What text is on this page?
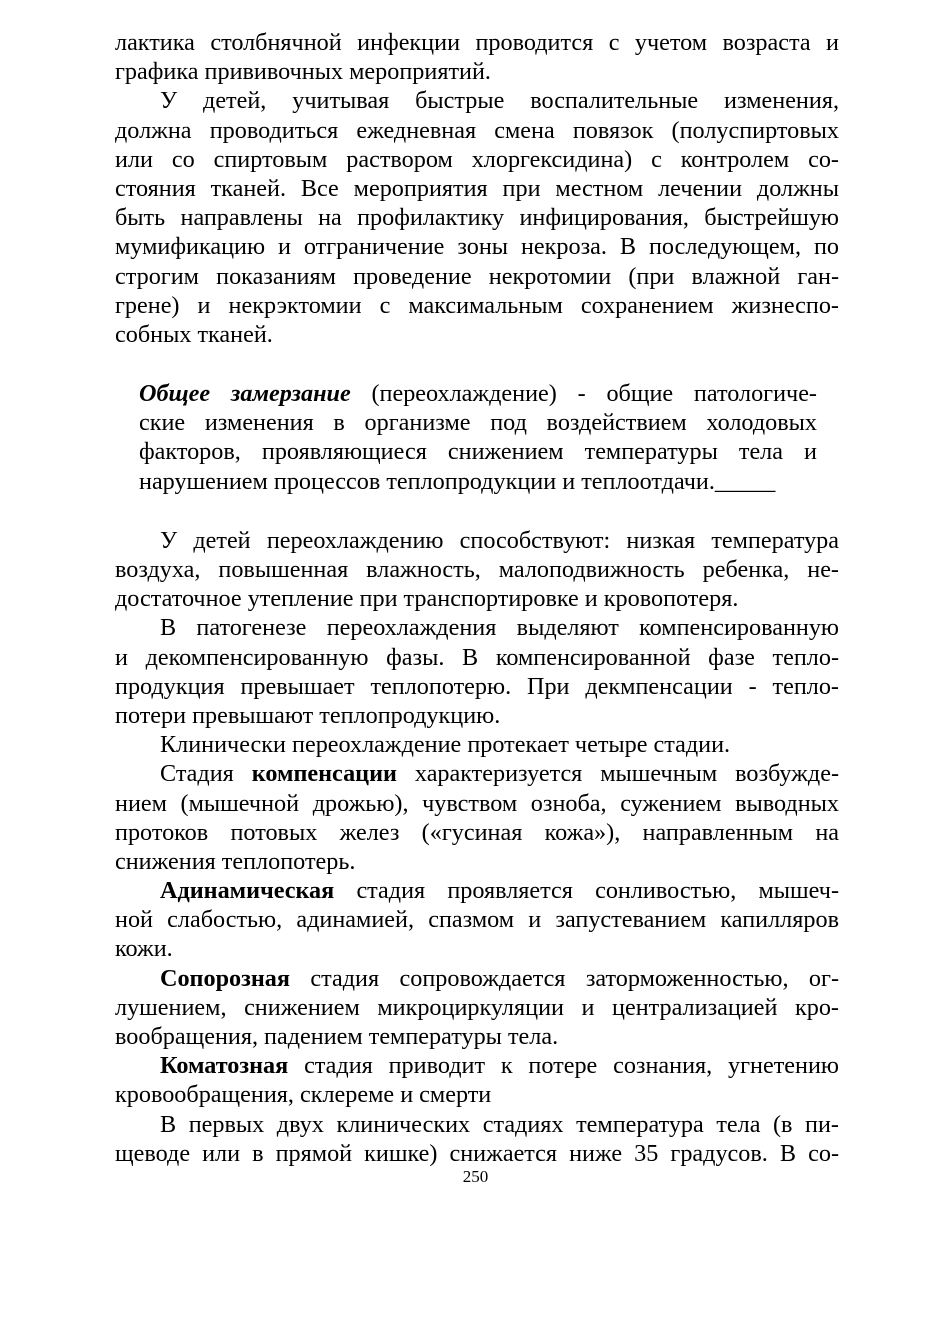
лактика столбнячной инфекции проводится с учетом возраста и
графика прививочных мероприятий.
У детей, учитывая быстрые воспалительные изменения,
должна проводиться ежедневная смена повязок (полуспиртовых
или со спиртовым раствором хлоргексидина) с контролем со-
стояния тканей. Все мероприятия при местном лечении должны
быть направлены на профилактику инфицирования, быстрейшую
мумификацию и отграничение зоны некроза. В последующем, по
строгим показаниям проведение некротомии (при влажной ган-
грене) и некрэктомии с максимальным сохранением жизнеспо-
собных тканей.
Общее замерзание (переохлаждение) - общие патологиче-
ские изменения в организме под воздействием холодовых
факторов, проявляющиеся снижением температуры тела и
нарушением процессов теплопродукции и теплоотдачи._____
У детей переохлаждению способствуют: низкая температура
воздуха, повышенная влажность, малоподвижность ребенка, не-
достаточное утепление при транспортировке и кровопотеря.
В патогенезе переохлаждения выделяют компенсированную
и декомпенсированную фазы. В компенсированной фазе тепло-
продукция превышает теплопотерю. При декмпенсации - тепло-
потери превышают теплопродукцию.
Клинически переохлаждение протекает четыре стадии.
Стадия компенсации характеризуется мышечным возбужде-
нием (мышечной дрожью), чувством озноба, сужением выводных
протоков потовых желез («гусиная кожа»), направленным на
снижения теплопотерь.
Адинамическая стадия проявляется сонливостью, мышеч-
ной слабостью, адинамией, спазмом и запустеванием капилляров
кожи.
Сопорозная стадия сопровождается заторможенностью, ог-
лушением, снижением микроциркуляции и централизацией кро-
вообращения, падением температуры тела.
Коматозная стадия приводит к потере сознания, угнетению
кровообращения, склереме и смерти
В первых двух клинических стадиях температура тела (в пи-
щеводе или в прямой кишке) снижается ниже 35 градусов. В со-
250
